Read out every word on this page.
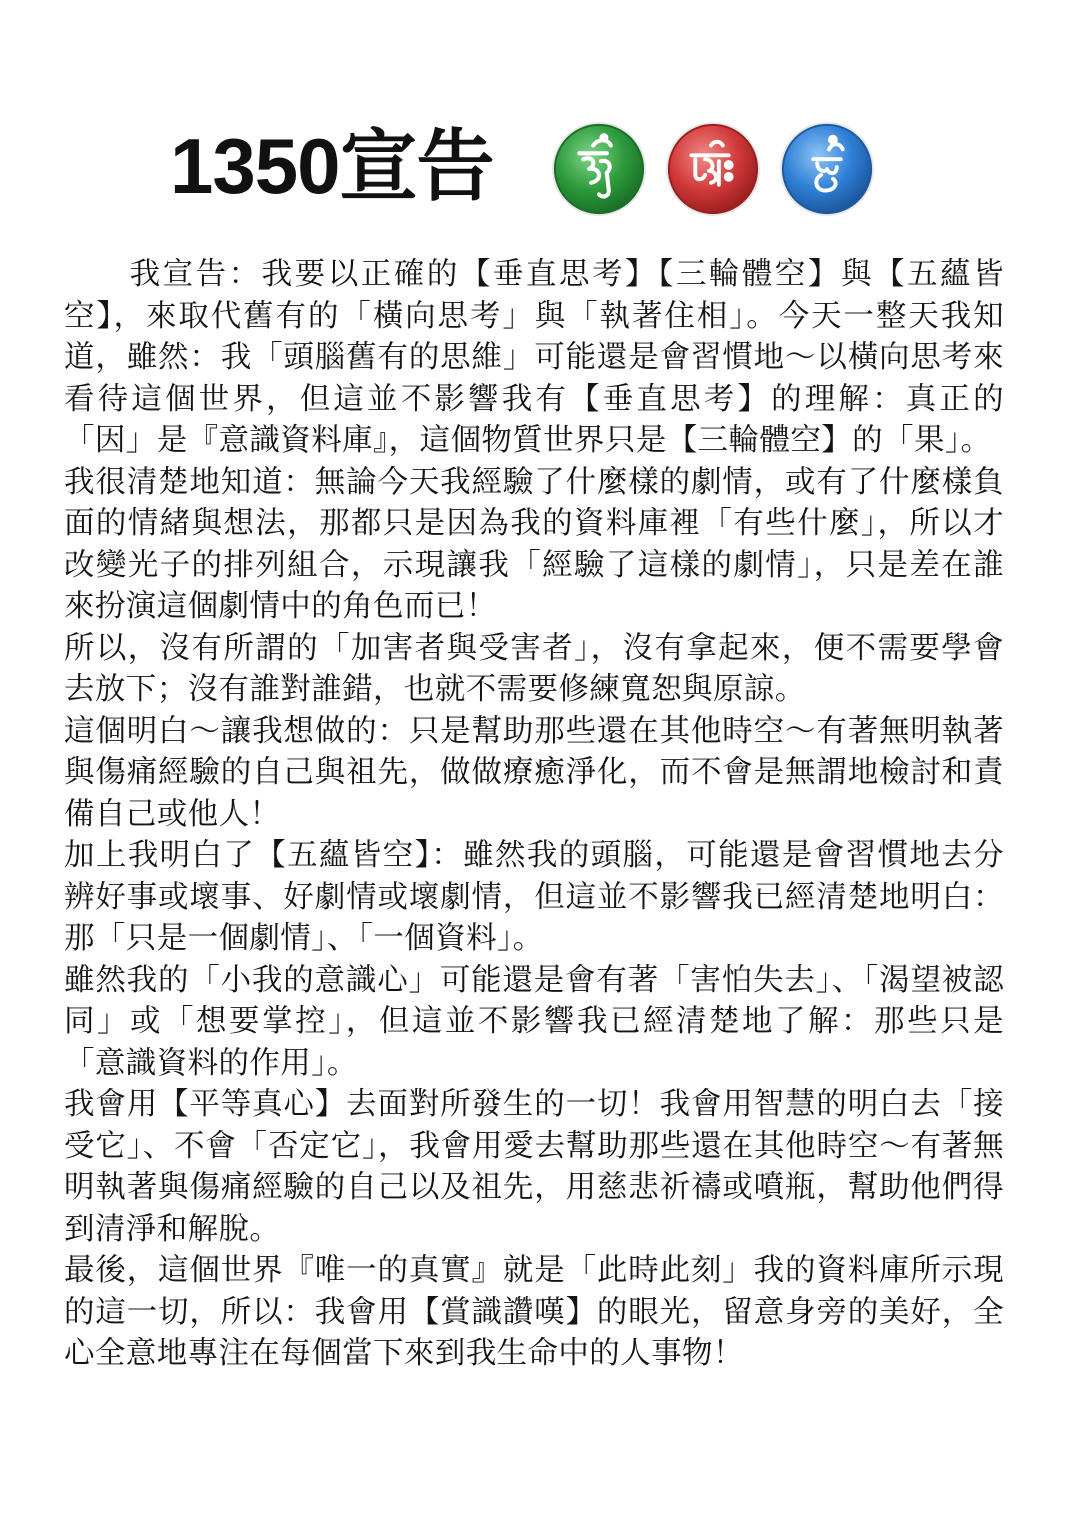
1350宣告

我宣告：我要以正確的【垂直思考】【三輪體空】與【五蘊皆空】，來取代舊有的「橫向思考」與「執著住相」。今天一整天我知道，雖然：我「頭腦舊有的思維」可能還是會習慣地～以橫向思考來看待這個世界，但這並不影響我有【垂直思考】的理解：真正的「因」是『意識資料庫』，這個物質世界只是【三輪體空】的「果」。

我很清楚地知道：無論今天我經驗了什麼樣的劇情，或有了什麼樣負面的情緒與想法，那都只是因為我的資料庫裡「有些什麼」，所以才改變光子的排列組合，示現讓我「經驗了這樣的劇情」，只是差在誰來扮演這個劇情中的角色而已！

所以，沒有所謂的「加害者與受害者」，沒有拿起來，便不需要學會去放下；沒有誰對誰錯，也就不需要修練寬恕與原諒。

這個明白～讓我想做的：只是幫助那些還在其他時空～有著無明執著與傷痛經驗的自己與祖先，做做療癒淨化，而不會是無謂地檢討和責備自己或他人！

加上我明白了【五蘊皆空】：雖然我的頭腦，可能還是會習慣地去分辨好事或壞事、好劇情或壞劇情，但這並不影響我已經清楚地明白：那「只是一個劇情」、「一個資料」。

雖然我的「小我的意識心」可能還是會有著「害怕失去」、「渴望被認同」或「想要掌控」，但這並不影響我已經清楚地了解：那些只是「意識資料的作用」。

我會用【平等真心】去面對所發生的一切！我會用智慧的明白去「接受它」、不會「否定它」，我會用愛去幫助那些還在其他時空～有著無明執著與傷痛經驗的自己以及祖先，用慈悲祈禱或噴瓶，幫助他們得到清淨和解脫。

最後，這個世界『唯一的真實』就是「此時此刻」我的資料庫所示現的這一切，所以：我會用【賞識讚嘆】的眼光，留意身旁的美好，全心全意地專注在每個當下來到我生命中的人事物！
